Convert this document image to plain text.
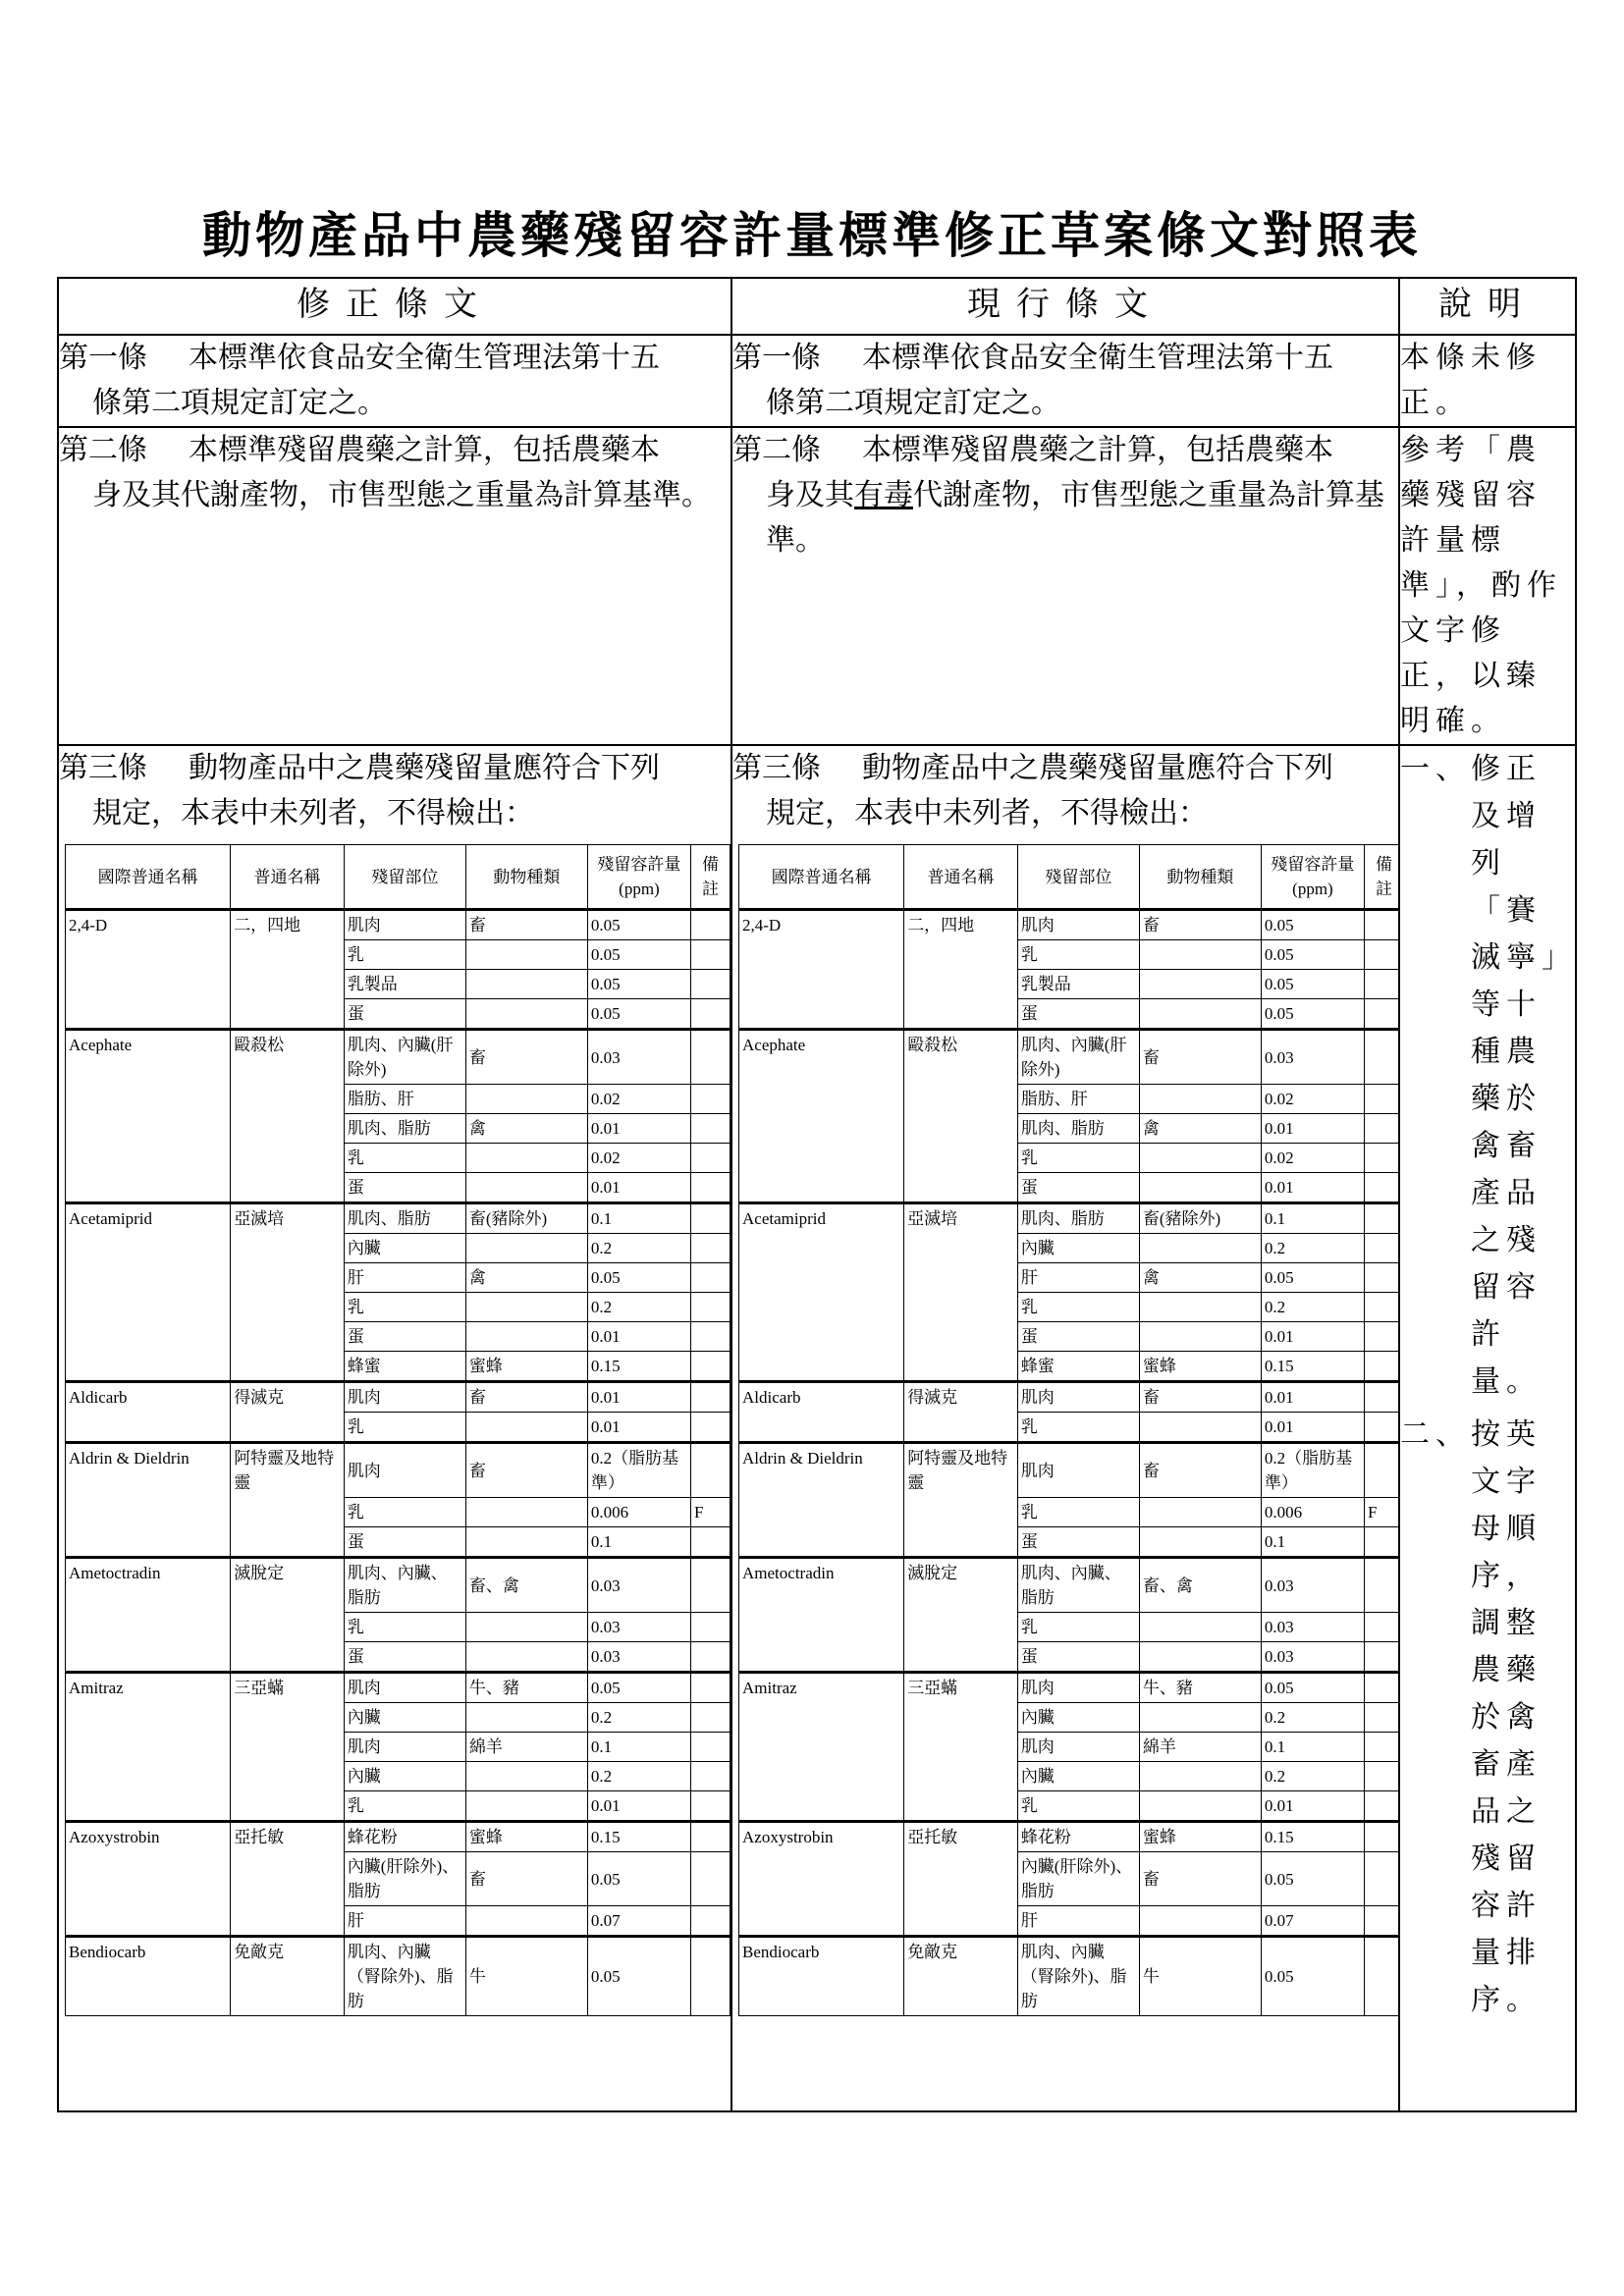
動物產品中農藥殘留容許量標準修正草案條文對照表
修正條文	現行條文	說明
第一條 本標準依食品安全衛生管理法第十五
條第二項規定訂定之。
	第一條 本標準依食品安全衛生管理法第十五
條第二項規定訂定之。
	本條未修正。
第二條 本標準殘留農藥之計算，包括農藥本
身及其代謝產物，市售型態之重量為計算基準。
	第二條 本標準殘留農藥之計算，包括農藥本
身及其有毒代謝產物，市售型態之重量為計算基準。
	參考「農藥殘留容許量標準」，酌作文字修正，以臻明確。
第三條 動物產品中之農藥殘留量應符合下列
規定，本表中未列者，不得檢出：
國際普通名稱	普通名稱	殘留部位	動物種類	殘留容許量(ppm)	備註
2,4-D	二，四地	肌肉	畜	0.05	
乳		0.05	
乳製品		0.05	
蛋		0.05	
Acephate	毆殺松	肌肉、內臟(肝除外)	畜	0.03	
脂肪、肝		0.02	
肌肉、脂肪	禽	0.01	
乳		0.02	
蛋		0.01	
Acetamiprid	亞滅培	肌肉、脂肪	畜(豬除外)	0.1	
內臟		0.2	
肝	禽	0.05	
乳		0.2	
蛋		0.01	
蜂蜜	蜜蜂	0.15	
Aldicarb	得滅克	肌肉	畜	0.01	
乳		0.01	
Aldrin & Dieldrin	阿特靈及地特靈	肌肉	畜	0.2（脂肪基準）	
乳		0.006	F
蛋		0.1	
Ametoctradin	滅脫定	肌肉、內臟、脂肪	畜、禽	0.03	
乳		0.03	
蛋		0.03	
Amitraz	三亞蟎	肌肉	牛、豬	0.05	
內臟		0.2	
肌肉	綿羊	0.1	
內臟		0.2	
乳		0.01	
Azoxystrobin	亞托敏	蜂花粉	蜜蜂	0.15	
內臟(肝除外)、脂肪	畜	0.05	
肝		0.07	
Bendiocarb	免敵克	肌肉、內臟（腎除外)、脂肪	牛	0.05	
	第三條 動物產品中之農藥殘留量應符合下列
規定，本表中未列者，不得檢出：
國際普通名稱	普通名稱	殘留部位	動物種類	殘留容許量(ppm)	備註
2,4-D	二，四地	肌肉	畜	0.05	
乳		0.05	
乳製品		0.05	
蛋		0.05	
Acephate	毆殺松	肌肉、內臟(肝除外)	畜	0.03	
脂肪、肝		0.02	
肌肉、脂肪	禽	0.01	
乳		0.02	
蛋		0.01	
Acetamiprid	亞滅培	肌肉、脂肪	畜(豬除外)	0.1	
內臟		0.2	
肝	禽	0.05	
乳		0.2	
蛋		0.01	
蜂蜜	蜜蜂	0.15	
Aldicarb	得滅克	肌肉	畜	0.01	
乳		0.01	
Aldrin & Dieldrin	阿特靈及地特靈	肌肉	畜	0.2（脂肪基準）	
乳		0.006	F
蛋		0.1	
Ametoctradin	滅脫定	肌肉、內臟、脂肪	畜、禽	0.03	
乳		0.03	
蛋		0.03	
Amitraz	三亞蟎	肌肉	牛、豬	0.05	
內臟		0.2	
肌肉	綿羊	0.1	
內臟		0.2	
乳		0.01	
Azoxystrobin	亞托敏	蜂花粉	蜜蜂	0.15	
內臟(肝除外)、脂肪	畜	0.05	
肝		0.07	
Bendiocarb	免敵克	肌肉、內臟（腎除外)、脂肪	牛	0.05	

一、修正及增列「賽滅寧」等十種農藥於禽畜產品之殘留容許量。
二、按英文字母順序，調整農藥於禽畜產品之殘留容許量排序。
